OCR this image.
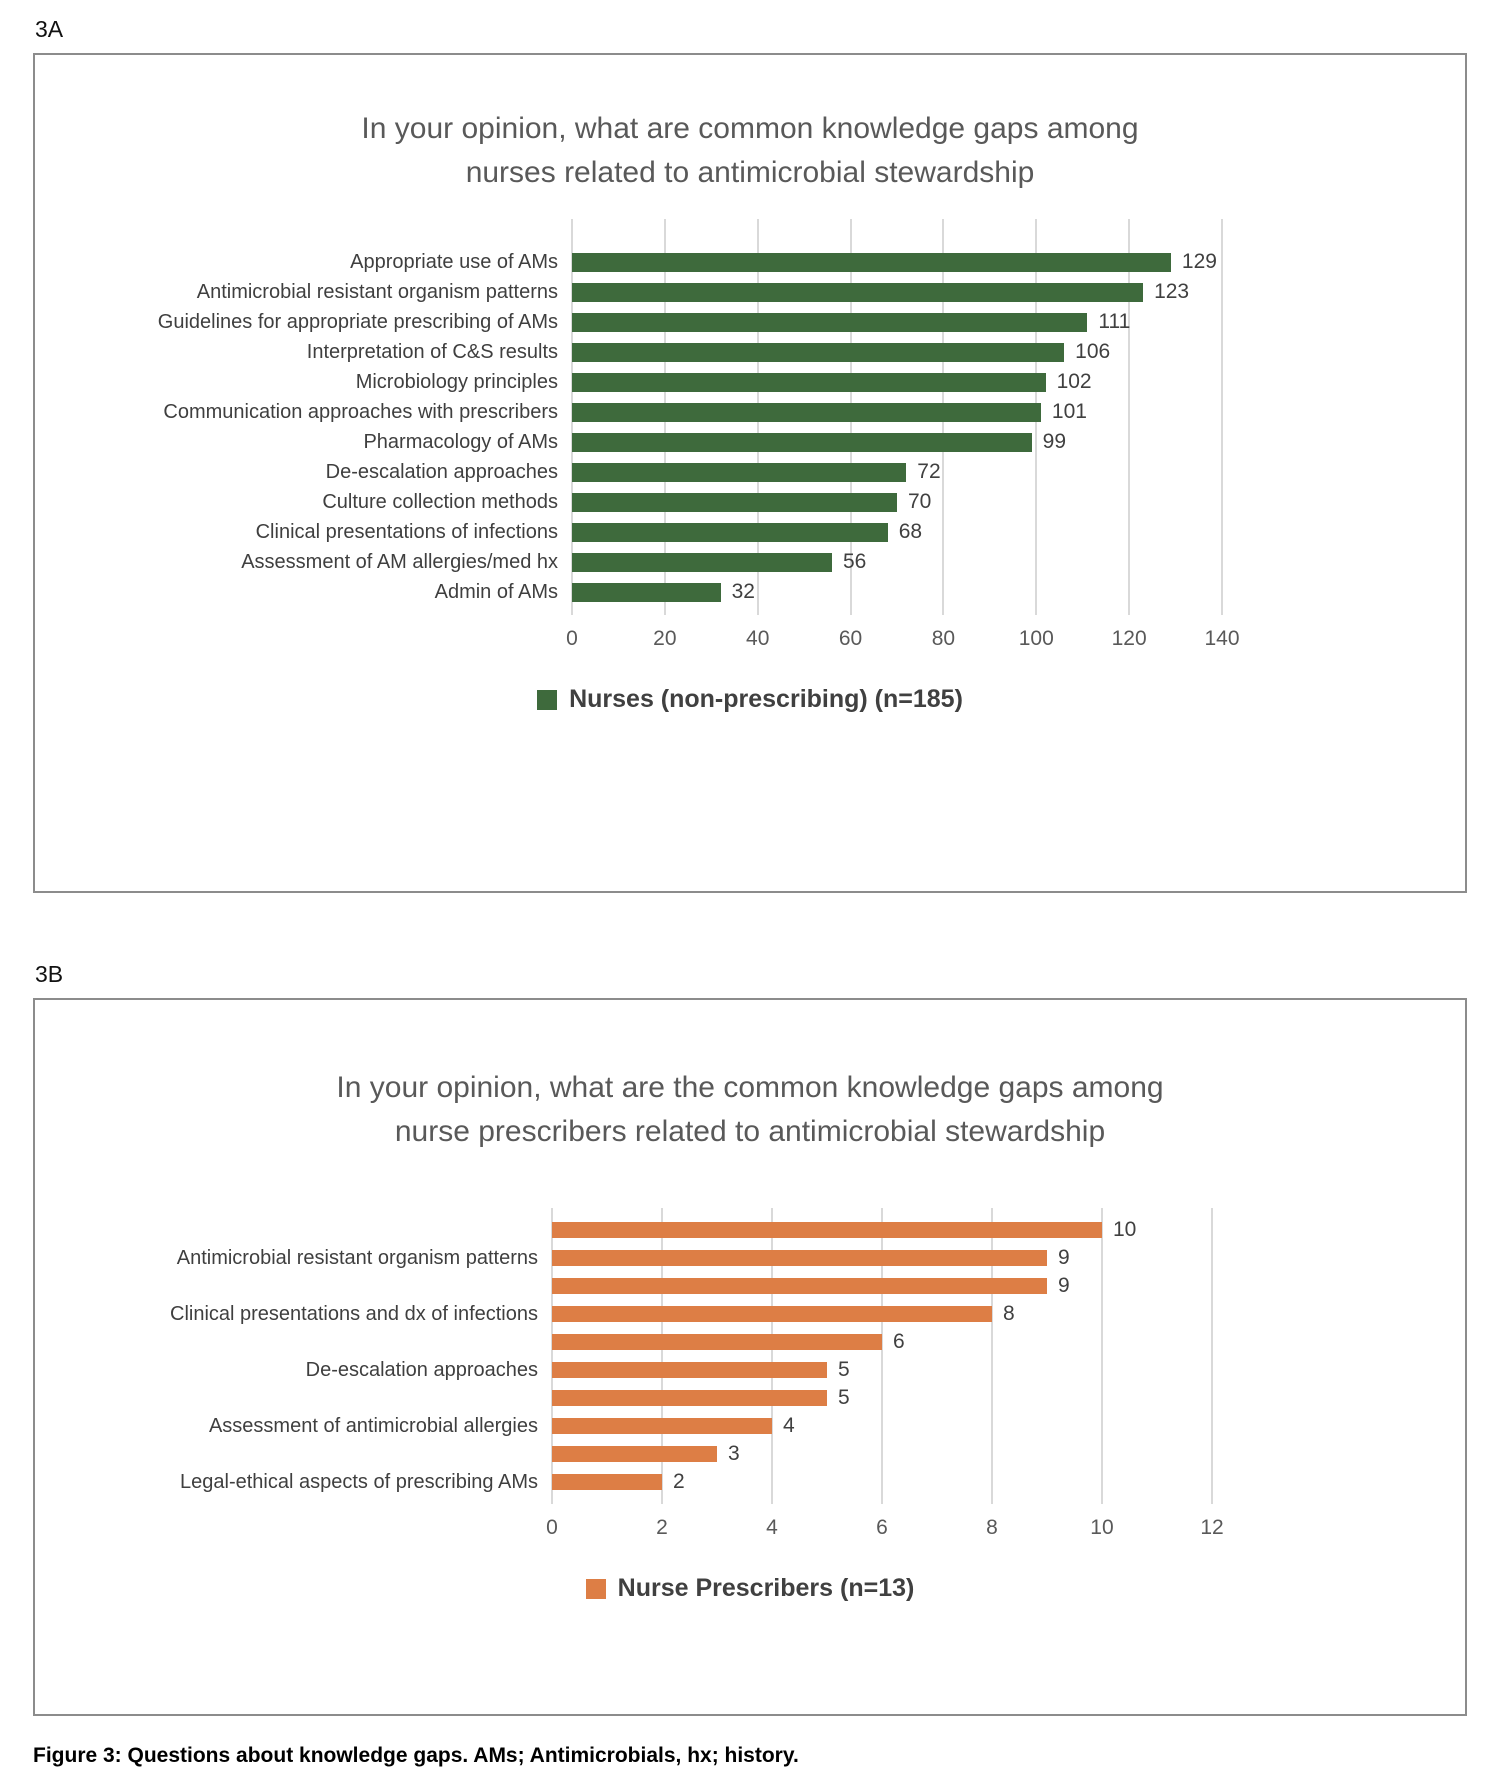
3A
In your opinion, what are common knowledge gaps among nurses related to antimicrobial stewardship
Appropriate use of AMs	129
Antimicrobial resistant organism patterns	123
Guidelines for appropriate prescribing of AMs	111
Interpretation of C&S results	106
Microbiology principles	102
Communication approaches with prescribers	101
Pharmacology of AMs	99
De-escalation approaches	72
Culture collection methods	70
Clinical presentations of infections	68
Assessment of AM allergies/med hx	56
Admin of AMs	32
0	20	40	60	80	100	120	140
Nurses (non-prescribing) (n=185)
3B
In your opinion, what are the common knowledge gaps among nurse prescribers related to antimicrobial stewardship
10
Antimicrobial resistant organism patterns	9
9
Clinical presentations and dx of infections	8
6
De-escalation approaches	5
5
Assessment of antimicrobial allergies	4
3
Legal-ethical aspects of prescribing AMs	2
0	2	4	6	8	10	12
Nurse Prescribers (n=13)
Figure 3: Questions about knowledge gaps. AMs; Antimicrobials, hx; history.
